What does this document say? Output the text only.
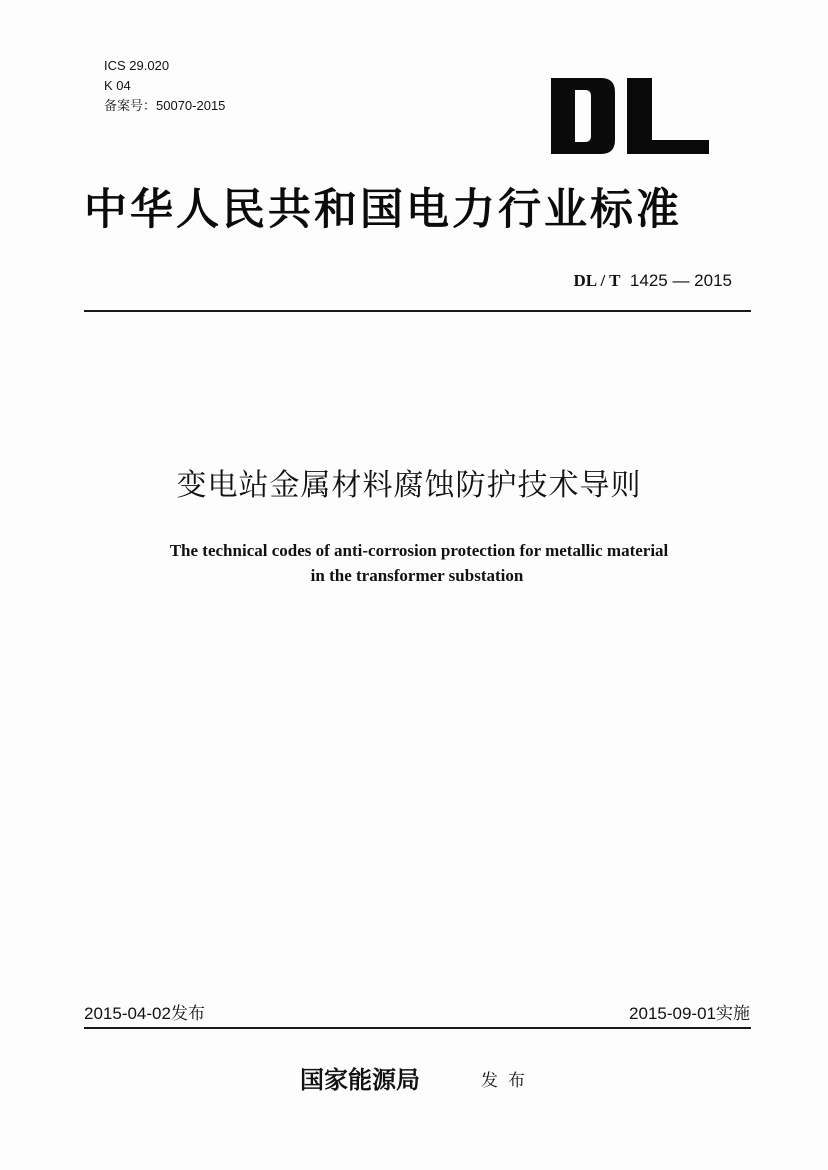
ICS 29.020
K 04
备案号：50070-2015
中华人民共和国电力行业标准
DL / T 1425 — 2015
变电站金属材料腐蚀防护技术导则
The technical codes of anti-corrosion protection for metallic material
in the transformer substation
2015-04-02发布	2015-09-01实施
国家能源局	发布
